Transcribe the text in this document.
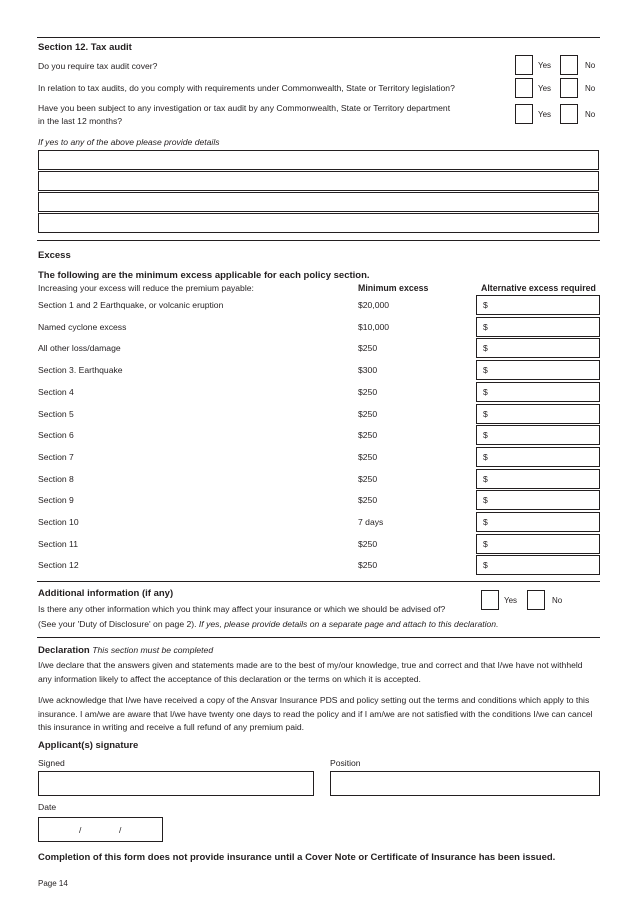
Section 12. Tax audit
Do you require tax audit cover?	Yes	No
In relation to tax audits, do you comply with requirements under Commonwealth, State or Territory legislation?	Yes	No
Have you been subject to any investigation or tax audit by any Commonwealth, State or Territory department
in the last 12 months?
Yes	No
If yes to any of the above please provide details
Excess
The following are the minimum excess applicable for each policy section.
Increasing your excess will reduce the premium payable:	Minimum excess	Alternative excess required
Section 1 and 2 Earthquake, or volcanic eruption	$20,000	$
Named cyclone excess	$10,000	$
All other loss/damage	$250	$
Section 3. Earthquake	$300	$
Section 4	$250	$
Section 5	$250	$
Section 6	$250	$
Section 7	$250	$
Section 8	$250	$
Section 9	$250	$
Section 10	7 days	$
Section 11	$250	$
Section 12	$250	$
Additional information (if any)
Is there any other information which you think may affect your insurance or which we should be advised of?
(See your 'Duty of Disclosure' on page 2). If yes, please provide details on a separate page and attach to this declaration.
Yes	No
Declaration This section must be completed
I/we declare that the answers given and statements made are to the best of my/our knowledge, true and correct and that I/we have not withheld
any information likely to affect the acceptance of this declaration or the terms on which it is accepted.
I/we acknowledge that I/we have received a copy of the Ansvar Insurance PDS and policy setting out the terms and conditions which apply to this
insurance. I am/we are aware that I/we have twenty one days to read the policy and if I am/we are not satisfied with the conditions I/we can cancel
this insurance in writing and receive a full refund of any premium paid.
Applicant(s) signature
Signed	Position
Date
/	/
Completion of this form does not provide insurance until a Cover Note or Certificate of Insurance has been issued.
Page 14
